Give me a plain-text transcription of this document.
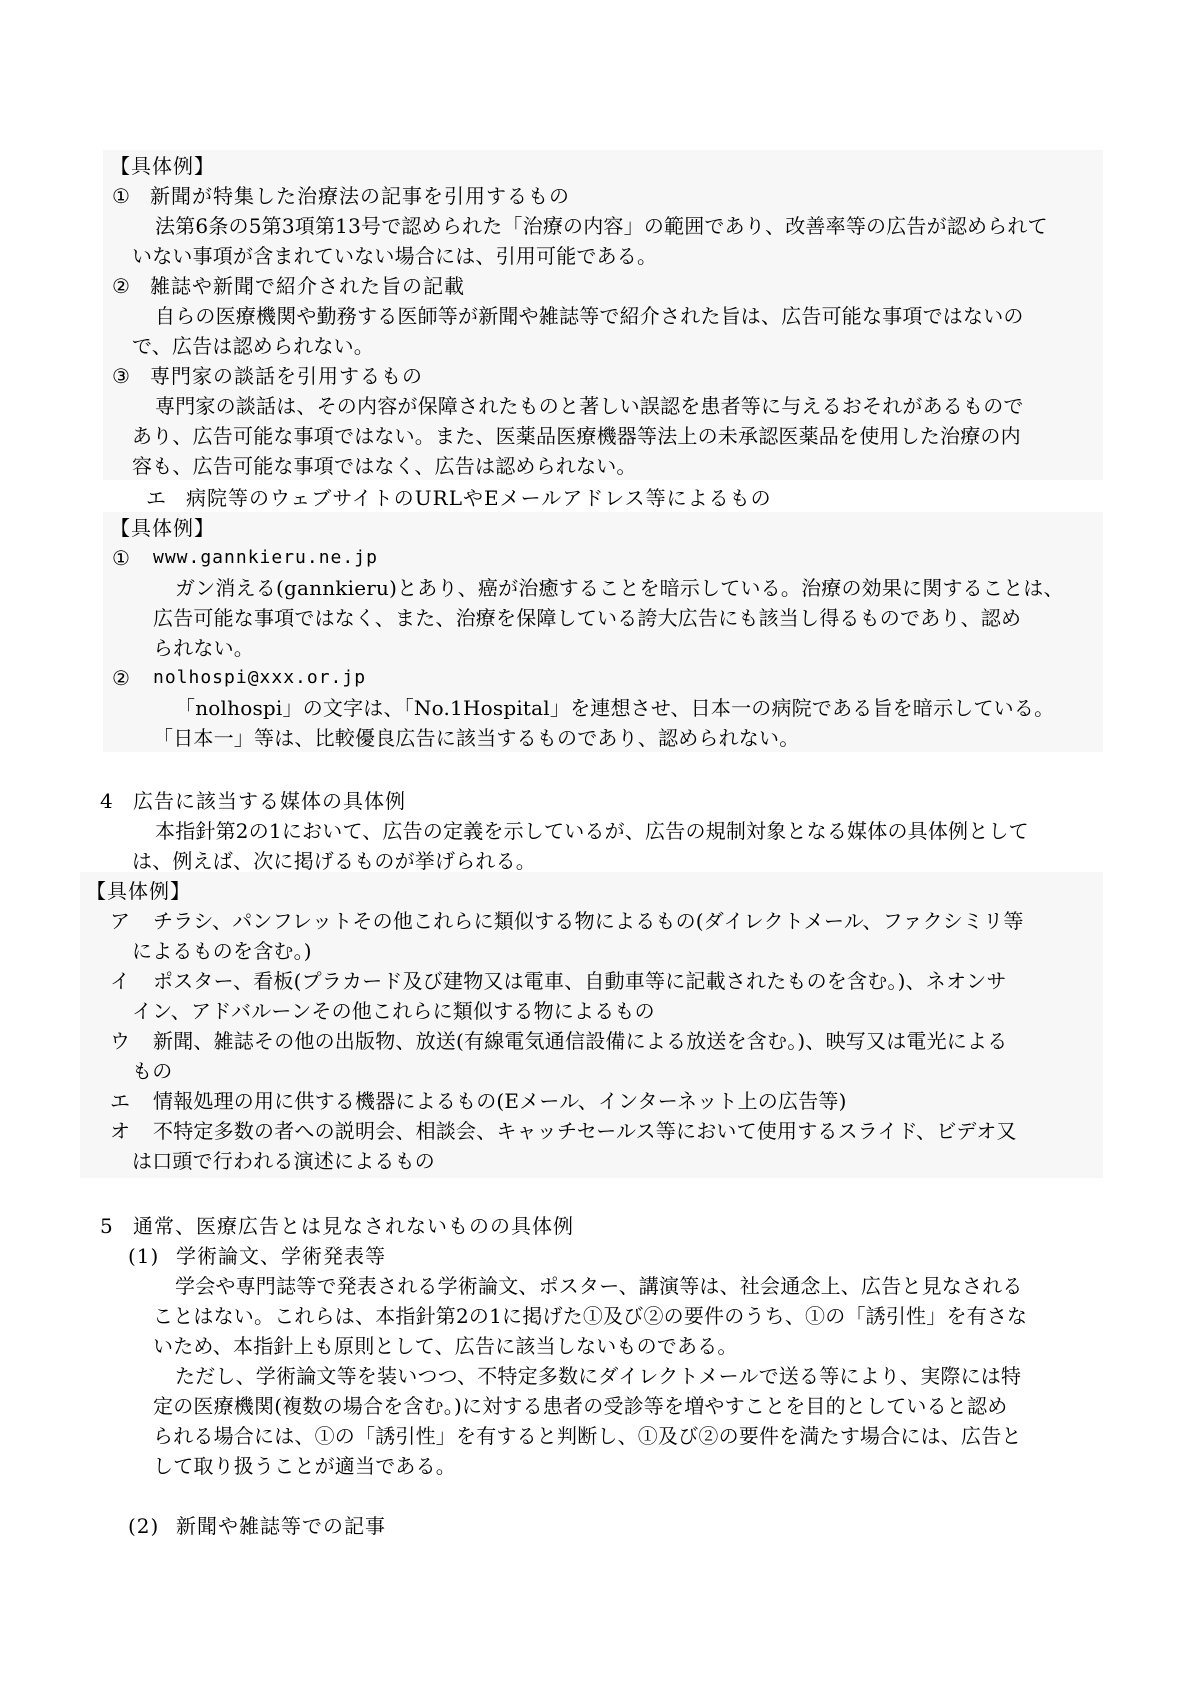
【具体例】
① 新聞が特集した治療法の記事を引用するもの
法第6条の5第3項第13号で認められた「治療の内容」の範囲であり、改善率等の広告が認められて
いない事項が含まれていない場合には、引用可能である。
② 雑誌や新聞で紹介された旨の記載
自らの医療機関や勤務する医師等が新聞や雑誌等で紹介された旨は、広告可能な事項ではないの
で、広告は認められない。
③ 専門家の談話を引用するもの
専門家の談話は、その内容が保障されたものと著しい誤認を患者等に与えるおそれがあるもので
あり、広告可能な事項ではない。また、医薬品医療機器等法上の未承認医薬品を使用した治療の内
容も、広告可能な事項ではなく、広告は認められない。
エ 病院等のウェブサイトのURLやEメールアドレス等によるもの
【具体例】
① www.gannkieru.ne.jp
ガン消える(gannkieru)とあり、癌が治癒することを暗示している。治療の効果に関することは、
広告可能な事項ではなく、また、治療を保障している誇大広告にも該当し得るものであり、認め
られない。
② nolhospi@xxx.or.jp
「nolhospi」の文字は、「No.1Hospital」を連想させ、日本一の病院である旨を暗示している。
「日本一」等は、比較優良広告に該当するものであり、認められない。
4 広告に該当する媒体の具体例
本指針第2の1において、広告の定義を示しているが、広告の規制対象となる媒体の具体例として
は、例えば、次に掲げるものが挙げられる。
【具体例】
ア チラシ、パンフレットその他これらに類似する物によるもの(ダイレクトメール、ファクシミリ等
によるものを含む。)
イ ポスター、看板(プラカード及び建物又は電車、自動車等に記載されたものを含む。)、ネオンサ
イン、アドバルーンその他これらに類似する物によるもの
ウ 新聞、雑誌その他の出版物、放送(有線電気通信設備による放送を含む。)、映写又は電光による
もの
エ 情報処理の用に供する機器によるもの(Eメール、インターネット上の広告等)
オ 不特定多数の者への説明会、相談会、キャッチセールス等において使用するスライド、ビデオ又
は口頭で行われる演述によるもの
5 通常、医療広告とは見なされないものの具体例
(1) 学術論文、学術発表等
学会や専門誌等で発表される学術論文、ポスター、講演等は、社会通念上、広告と見なされる
ことはない。これらは、本指針第2の1に掲げた①及び②の要件のうち、①の「誘引性」を有さな
いため、本指針上も原則として、広告に該当しないものである。
ただし、学術論文等を装いつつ、不特定多数にダイレクトメールで送る等により、実際には特
定の医療機関(複数の場合を含む。)に対する患者の受診等を増やすことを目的としていると認め
られる場合には、①の「誘引性」を有すると判断し、①及び②の要件を満たす場合には、広告と
して取り扱うことが適当である。
(2) 新聞や雑誌等での記事
